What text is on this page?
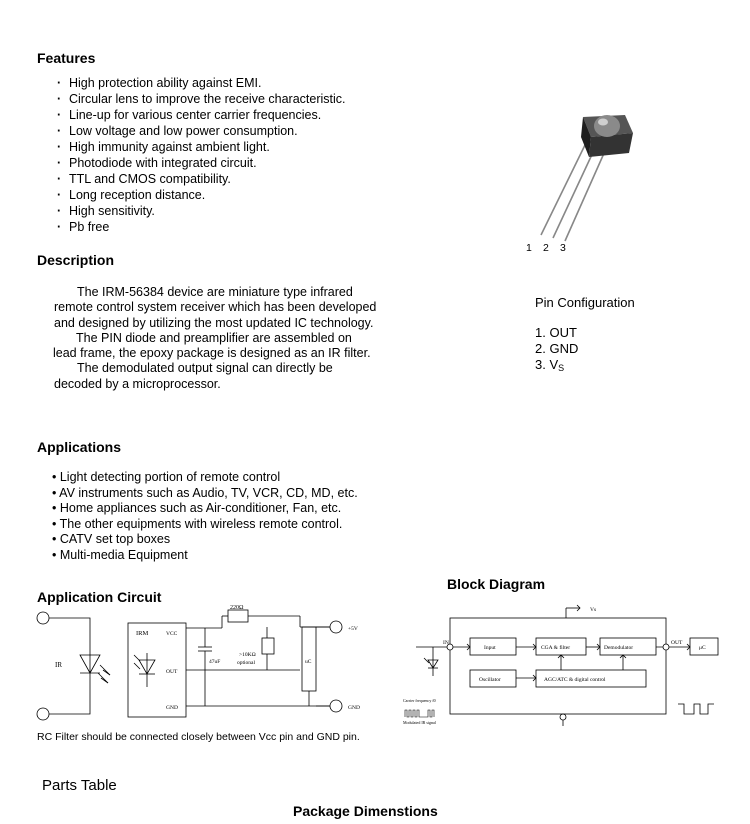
Features
· High protection ability against EMI.
· Circular lens to improve the receive characteristic.
· Line-up for various center carrier frequencies.
· Low voltage and low power consumption.
· High immunity against ambient light.
· Photodiode with integrated circuit.
· TTL and CMOS compatibility.
· Long reception distance.
· High sensitivity.
· Pb free
1 2 3
Description

The IRM-56384 device are miniature type infrared remote control system receiver which has been developed and designed by utilizing the most updated IC technology.

The PIN diode and preamplifier are assembled on lead frame, the epoxy package is designed as an IR filter.

The demodulated output signal can directly be decoded by a microprocessor.

Pin Configuration
1. OUT
2. GND
3. $V_S$
Applications
• Light detecting portion of remote control
• AV instruments such as Audio, TV, VCR, CD, MD, etc.
• Home appliances such as Air-conditioner, Fan, etc.
• The other equipments with wireless remote control.
• CATV set top boxes
• Multi-media Equipment
Application Circuit
IR
IRM	VCC
OUT
GND
220Ω
+5V
47uF
>10KΩ
optional	uC
GND
RC Filter should be connected closely between Vcc pin and GND pin.
Block Diagram
Vs
IN
Input	CGA & filter	Demodulator
OUT
μC
Oscillator	AGC/ATC & digital control
Carrier frequency f0
Modulated IR signal
Parts Table
Package Dimenstions
